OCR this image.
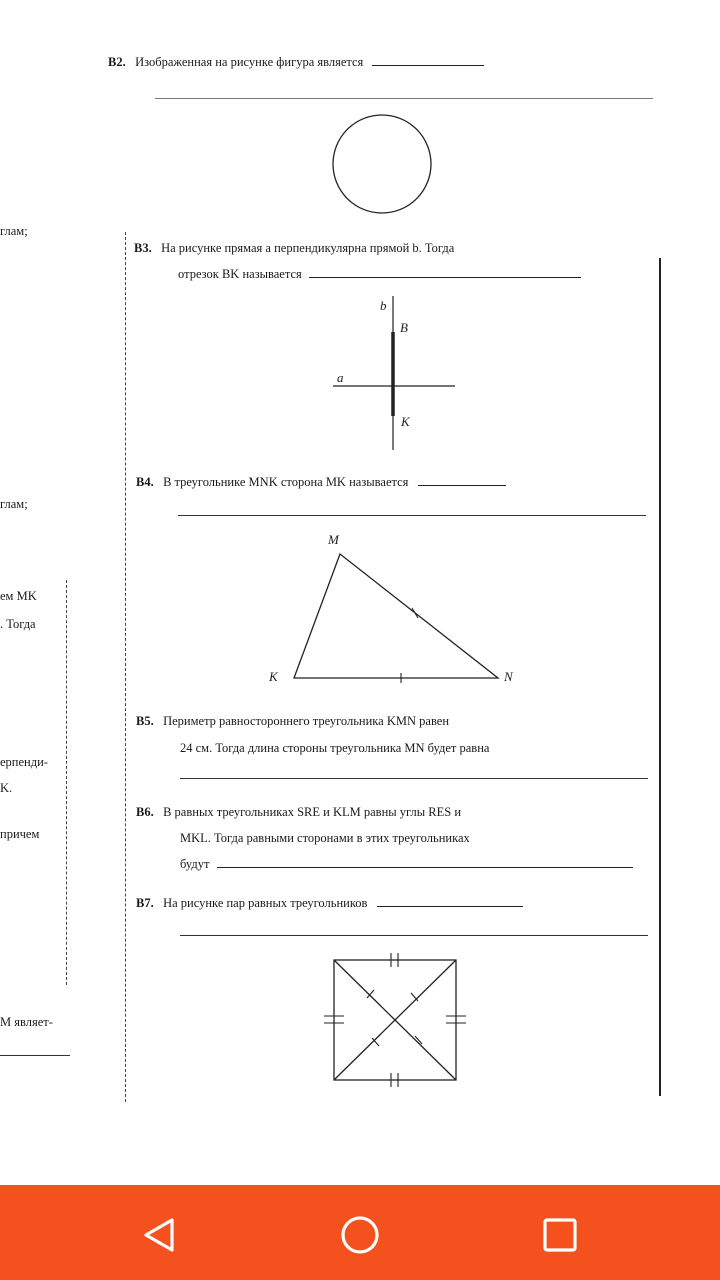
глам;
глам;
ем MK
. Тогда
ерпенди-
K.
причем
M являет-
B2. Изображенная на рисунке фигура является
B3. На рисунке прямая a перпендикулярна прямой b. Тогда
отрезок BK называется
b
B
a
K
B4. В треугольнике MNK сторона MK называется
M
K	N
B5. Периметр равностороннего треугольника KMN равен
24 см. Тогда длина стороны треугольника MN будет равна
B6. В равных треугольниках SRE и KLM равны углы RES и
MKL. Тогда равными сторонами в этих треугольниках
будут
B7. На рисунке пар равных треугольников
